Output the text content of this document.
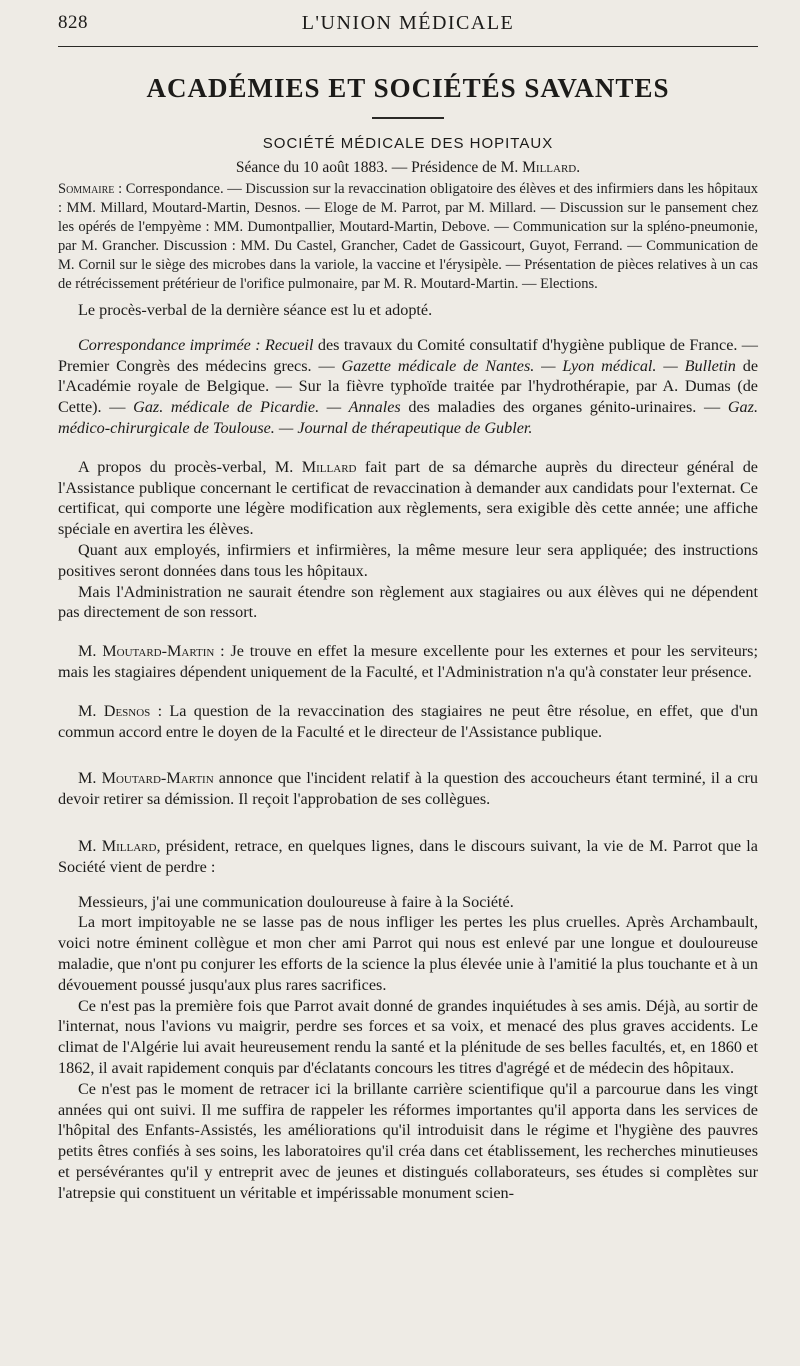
828	L'UNION MÉDICALE
ACADÉMIES ET SOCIÉTÉS SAVANTES
SOCIÉTÉ MÉDICALE DES HOPITAUX
Séance du 10 août 1883. — Présidence de M. Millard.
Sommaire : Correspondance. — Discussion sur la revaccination obligatoire des élèves et des infirmiers dans les hôpitaux : MM. Millard, Moutard-Martin, Desnos. — Eloge de M. Parrot, par M. Millard. — Discussion sur le pansement chez les opérés de l'empyème : MM. Dumontpallier, Moutard-Martin, Debove. — Communication sur la spléno-pneumonie, par M. Grancher. Discussion : MM. Du Castel, Grancher, Cadet de Gassicourt, Guyot, Ferrand. — Communication de M. Cornil sur le siège des microbes dans la variole, la vaccine et l'érysipèle. — Présentation de pièces relatives à un cas de rétrécissement prétérieur de l'orifice pulmonaire, par M. R. Moutard-Martin. — Elections.

Le procès-verbal de la dernière séance est lu et adopté.

Correspondance imprimée : Recueil des travaux du Comité consultatif d'hygiène publique de France. — Premier Congrès des médecins grecs. — Gazette médicale de Nantes. — Lyon médical. — Bulletin de l'Académie royale de Belgique. — Sur la fièvre typhoïde traitée par l'hydrothérapie, par A. Dumas (de Cette). — Gaz. médicale de Picardie. — Annales des maladies des organes génito-urinaires. — Gaz. médico-chirurgicale de Toulouse. — Journal de thérapeutique de Gubler.

A propos du procès-verbal, M. Millard fait part de sa démarche auprès du directeur général de l'Assistance publique concernant le certificat de revaccination à demander aux candidats pour l'externat. Ce certificat, qui comporte une légère modification aux règlements, sera exigible dès cette année; une affiche spéciale en avertira les élèves.

Quant aux employés, infirmiers et infirmières, la même mesure leur sera appliquée; des instructions positives seront données dans tous les hôpitaux.

Mais l'Administration ne saurait étendre son règlement aux stagiaires ou aux élèves qui ne dépendent pas directement de son ressort.

M. Moutard-Martin : Je trouve en effet la mesure excellente pour les externes et pour les serviteurs; mais les stagiaires dépendent uniquement de la Faculté, et l'Administration n'a qu'à constater leur présence.

M. Desnos : La question de la revaccination des stagiaires ne peut être résolue, en effet, que d'un commun accord entre le doyen de la Faculté et le directeur de l'Assistance publique.

M. Moutard-Martin annonce que l'incident relatif à la question des accoucheurs étant terminé, il a cru devoir retirer sa démission. Il reçoit l'approbation de ses collègues.

M. Millard, président, retrace, en quelques lignes, dans le discours suivant, la vie de M. Parrot que la Société vient de perdre :

Messieurs, j'ai une communication douloureuse à faire à la Société.

La mort impitoyable ne se lasse pas de nous infliger les pertes les plus cruelles. Après Archambault, voici notre éminent collègue et mon cher ami Parrot qui nous est enlevé par une longue et douloureuse maladie, que n'ont pu conjurer les efforts de la science la plus élevée unie à l'amitié la plus touchante et à un dévouement poussé jusqu'aux plus rares sacrifices.

Ce n'est pas la première fois que Parrot avait donné de grandes inquiétudes à ses amis. Déjà, au sortir de l'internat, nous l'avions vu maigrir, perdre ses forces et sa voix, et menacé des plus graves accidents. Le climat de l'Algérie lui avait heureusement rendu la santé et la plénitude de ses belles facultés, et, en 1860 et 1862, il avait rapidement conquis par d'éclatants concours les titres d'agrégé et de médecin des hôpitaux.

Ce n'est pas le moment de retracer ici la brillante carrière scientifique qu'il a parcourue dans les vingt années qui ont suivi. Il me suffira de rappeler les réformes importantes qu'il apporta dans les services de l'hôpital des Enfants-Assistés, les améliorations qu'il introduisit dans le régime et l'hygiène des pauvres petits êtres confiés à ses soins, les laboratoires qu'il créa dans cet établissement, les recherches minutieuses et persévérantes qu'il y entreprit avec de jeunes et distingués collaborateurs, ses études si complètes sur l'atrepsie qui constituent un véritable et impérissable monument scien-
